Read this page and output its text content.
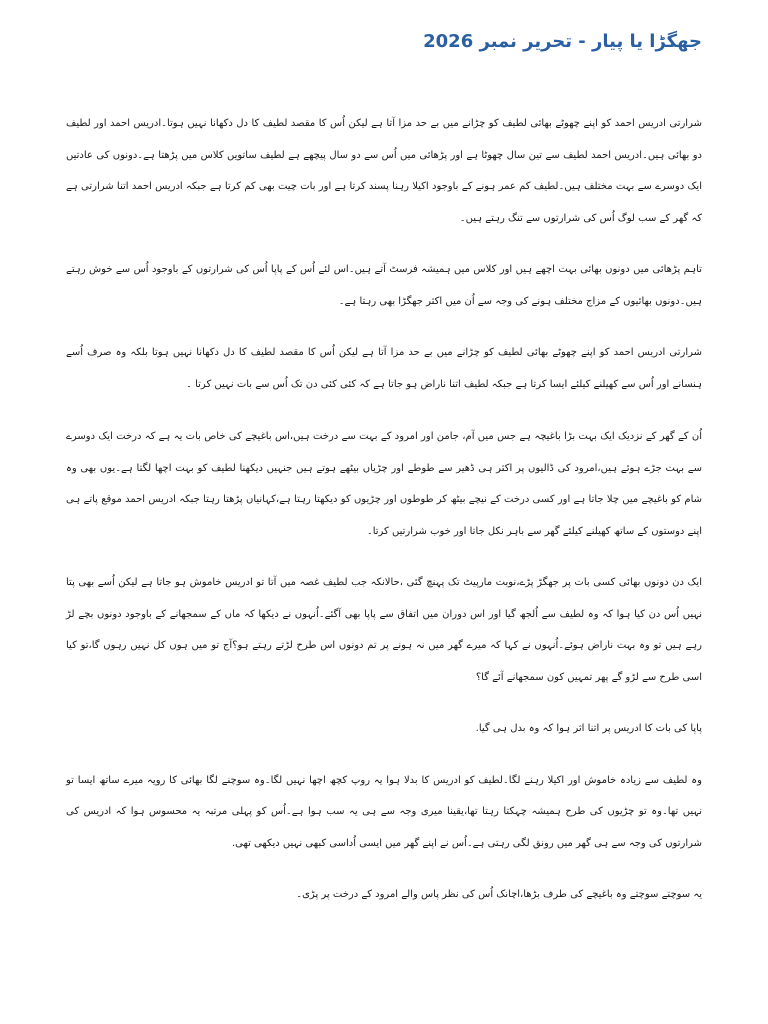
جھگڑا یا پیار - تحریر نمبر 2026

شرارتی ادریس احمد کو اپنے چھوٹے بھائی لطیف کو چڑانے میں بے حد مزا آتا ہے لیکن اُس کا مقصد لطیف کا دل دکھانا نہیں ہوتا۔ادریس احمد اور لطیف دو بھائی ہیں۔ادریس احمد لطیف سے تین سال چھوٹا ہے اور پڑھائی میں اُس سے دو سال پیچھے ہے لطیف ساتویں کلاس میں پڑھتا ہے۔دونوں کی عادتیں ایک دوسرے سے بہت مختلف ہیں۔لطیف کم عمر ہونے کے باوجود اکیلا رہنا پسند کرتا ہے اور بات چیت بھی کم کرتا ہے جبکہ ادریس احمد اتنا شرارتی ہے کہ گھر کے سب لوگ اُس کی شرارتوں سے تنگ رہتے ہیں۔

تاہم پڑھائی میں دونوں بھائی بہت اچھے ہیں اور کلاس میں ہمیشہ فرسٹ آتے ہیں۔اس لئے اُس کے پاپا اُس کی شرارتوں کے باوجود اُس سے خوش رہتے ہیں۔دونوں بھائیوں کے مزاج مختلف ہونے کی وجہ سے اُن میں اکثر جھگڑا بھی رہتا ہے۔

شرارتی ادریس احمد کو اپنے چھوٹے بھائی لطیف کو چڑانے میں بے حد مزا آتا ہے لیکن اُس کا مقصد لطیف کا دل دکھانا نہیں ہوتا بلکہ وہ صرف اُسے ہنسانے اور اُس سے کھیلنے کیلئے ایسا کرتا ہے جبکہ لطیف اتنا ناراض ہو جاتا ہے کہ کئی کئی دن تک اُس سے بات نہیں کرتا ۔

اُن کے گھر کے نزدیک ایک بہت بڑا باغیچہ ہے جس میں آم، جامن اور امرود کے بہت سے درخت ہیں،اس باغیچے کی خاص بات یہ ہے کہ درخت ایک دوسرے سے بہت جڑے ہوئے ہیں،امرود کی ڈالیوں پر اکثر ہی ڈھیر سے طوطے اور چڑیاں بیٹھے ہوتے ہیں جنہیں دیکھنا لطیف کو بہت اچھا لگتا ہے۔یوں بھی وہ شام کو باغیچے میں چلا جاتا ہے اور کسی درخت کے نیچے بیٹھ کر طوطوں اور چڑیوں کو دیکھتا رہتا ہے،کہانیاں پڑھتا رہتا جبکہ ادریس احمد موقع پاتے ہی اپنے دوستوں کے ساتھ کھیلنے کیلئے گھر سے باہر نکل جاتا اور خوب شرارتیں کرتا۔

ایک دن دونوں بھائی کسی بات پر جھگڑ پڑے،نوبت مارپیٹ تک پہنچ گئی ،حالانکہ جب لطیف غصہ میں آتا تو ادریس خاموش ہو جاتا ہے لیکن اُسے بھی پتا نہیں اُس دن کیا ہوا کہ وہ لطیف سے اُلجھ گیا اور اس دوران میں اتفاق سے پاپا بھی آگئے۔اُنہوں نے دیکھا کہ ماں کے سمجھانے کے باوجود دونوں بچے لڑ رہے ہیں تو وہ بہت ناراض ہوئے۔اُنہوں نے کہا کہ میرے گھر میں نہ ہونے پر تم دونوں اس طرح لڑتے رہتے ہو؟آج تو میں ہوں کل نہیں رہوں گا،تو کیا اسی طرح سے لڑو گے پھر تمہیں کون سمجھانے آئے گا؟

پاپا کی بات کا ادریس پر اتنا اثر ہوا کہ وہ بدل ہی گیا.

وہ لطیف سے زیادہ خاموش اور اکیلا رہنے لگا۔لطیف کو ادریس کا بدلا ہوا یہ روپ کچھ اچھا نہیں لگا۔وہ سوچنے لگا بھائی کا رویہ میرے ساتھ ایسا تو نہیں تھا۔وہ تو چڑیوں کی طرح ہمیشہ چہکتا رہتا تھا،یقینا میری وجہ سے ہی یہ سب ہوا ہے۔اُس کو پہلی مرتبہ یہ محسوس ہوا کہ ادریس کی شرارتوں کی وجہ سے ہی گھر میں رونق لگی رہتی ہے۔اُس نے اپنے گھر میں ایسی اُداسی کبھی نہیں دیکھی تھی.

یہ سوچتے سوچتے وہ باغیچے کی طرف بڑھا،اچانک اُس کی نظر پاس والے امرود کے درخت پر پڑی۔
